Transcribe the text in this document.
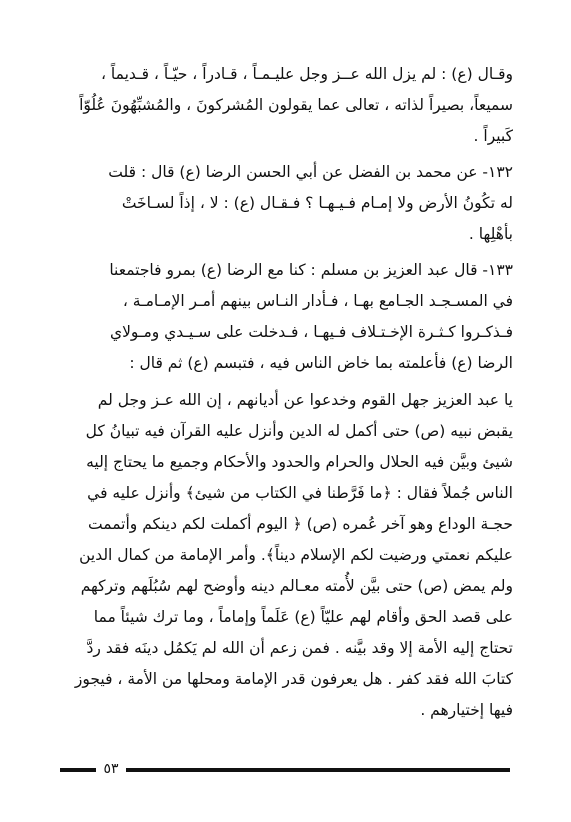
وقـال (ع) : لم يزل الله عــز وجل عليـمـاً ، قـادراً ، حيّـاً ، قـديماً ،
سميعاً، بصيراً لذاته ، تعالى عما يقولون المُشركونَ ، والمُشبِّهُونَ عُلُوّاً
كَبيراً .
١٣٢- عن محمد بن الفضل عن أبي الحسن الرضا (ع) قال : قلت
له تكُونُ الأرض ولا إمـام فـيـهـا ؟ فـقـال (ع) : لا ، إذاً لسـاخَتْ
بأهْلِها .
١٣٣- قال عبد العزيز بن مسلم : كنا مع الرضا (ع) بمرو فاجتمعنا
في المسـجـد الجـامع بهـا ، فـأدار النـاس بينهم أمـر الإمـامـة ،
فـذكـروا كـثـرة الإخـتـلاف فـيهـا ، فـدخلت على سـيـدي ومـولاي
الرضا (ع) فأعلمته بما خاض الناس فيه ، فتبسم (ع) ثم قال :
يا عبد العزيز جهل القوم وخدعوا عن أديانهم ، إن الله عـز وجل لم
يقبض نبيه (ص) حتى أكمل له الدين وأنزل عليه القرآن فيه تبيانُ كل
شيئ وبيَّن فيه الحلال والحرام والحدود والأحكام وجميع ما يحتاج إليه
الناس جُملاً فقال : ﴿ما فَرَّطنا في الكتاب من شيئ﴾ وأنزل عليه في
حجـة الوداع وهو آخر عُمره (ص) ﴿ اليوم أكملت لكم دينكم وأتممت
عليكم نعمتي ورضيت لكم الإسلام ديناً﴾. وأمر الإمامة من كمال الدين
ولم يمض (ص) حتى بيَّن لأُمته معـالم دينه وأوضح لهم سُبُلَهم وتركهم
على قصد الحق وأقام لهم عليّاً (ع) عَلَماً وإماماً ، وما ترك شيئاً مما
تحتاج إليه الأمة إلا وقد بيَّنه . فمن زعم أن الله لم يَكمُل دينَه فقد ردَّ
كتابَ الله فقد كفر . هل يعرفون قدر الإمامة ومحلها من الأمة ، فيجوز
فيها إختيارهم .
٥٣
